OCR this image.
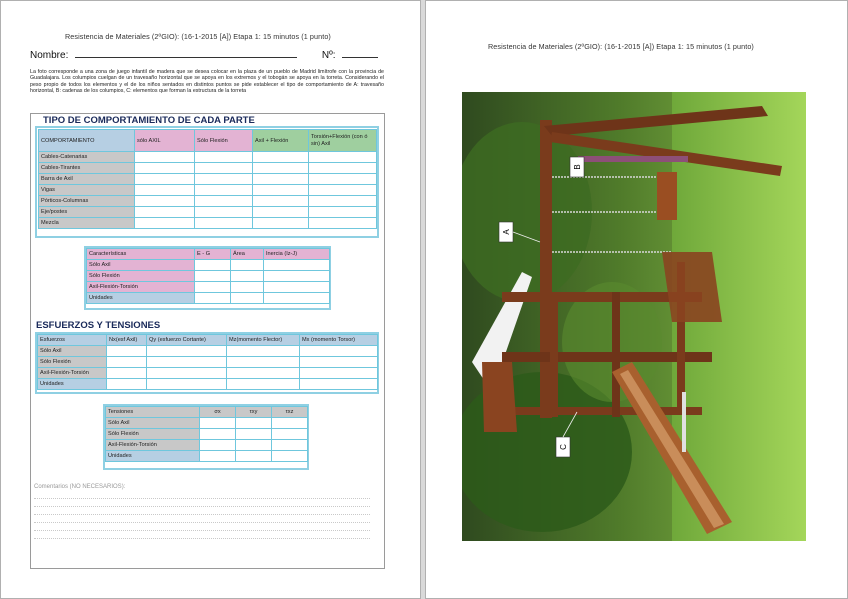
Resistencia de Materiales (2ºGIO): (16-1-2015 [A]) Etapa 1: 15 minutos (1 punto)
Nombre:	Nº:
La foto corresponde a una zona de juego infantil de madera que se desea colocar en la plaza de un pueblo de Madrid limítrofe con la provincia de Guadalajara. Los columpios cuelgan de un travesaño horizontal que se apoya en los extremos y el tobogán se apoya en la torreta. Considerando el peso propio de todos los elementos y el de los niños sentados en distintos puntos se pide establecer el tipo de comportamiento de A: travesaño horizontal, B: cadenas de los columpios, C: elementos que forman la estructura de la torreta
TIPO DE COMPORTAMIENTO DE CADA PARTE
COMPORTAMIENTO	sólo AXIL	Sólo Flexión	Axil + Flexión	Torsión+Flexión (con ó sin) Axil
Cables-Catenarias				
Cables-Tirantes				
Barra de Axil				
Vigas				
Pórticos-Columnas				
Eje/postes				
Mezcla				
Características	E - G	Área	Inercia (Iz-J)
Sólo Axil			
Sólo Flexión			
Axil-Flexión-Torsión			
Unidades			
ESFUERZOS Y TENSIONES
Esfuerzos	Nx(esf Axil)	Qy (esfuerzo Cortante)	Mz(momento Flector)	Mx (momento Torsor)
Sólo Axil				
Sólo Flexión				
Axil-Flexión-Torsión				
Unidades				
Tensiones	σx	τxy	τxz
Sólo Axil			
Sólo Flexión			
Axil-Flexión-Torsión			
Unidades			
Comentarios (NO NECESARIOS):
Resistencia de Materiales (2ºGIO): (16-1-2015 [A]) Etapa 1: 15 minutos (1 punto)
A
B
C
